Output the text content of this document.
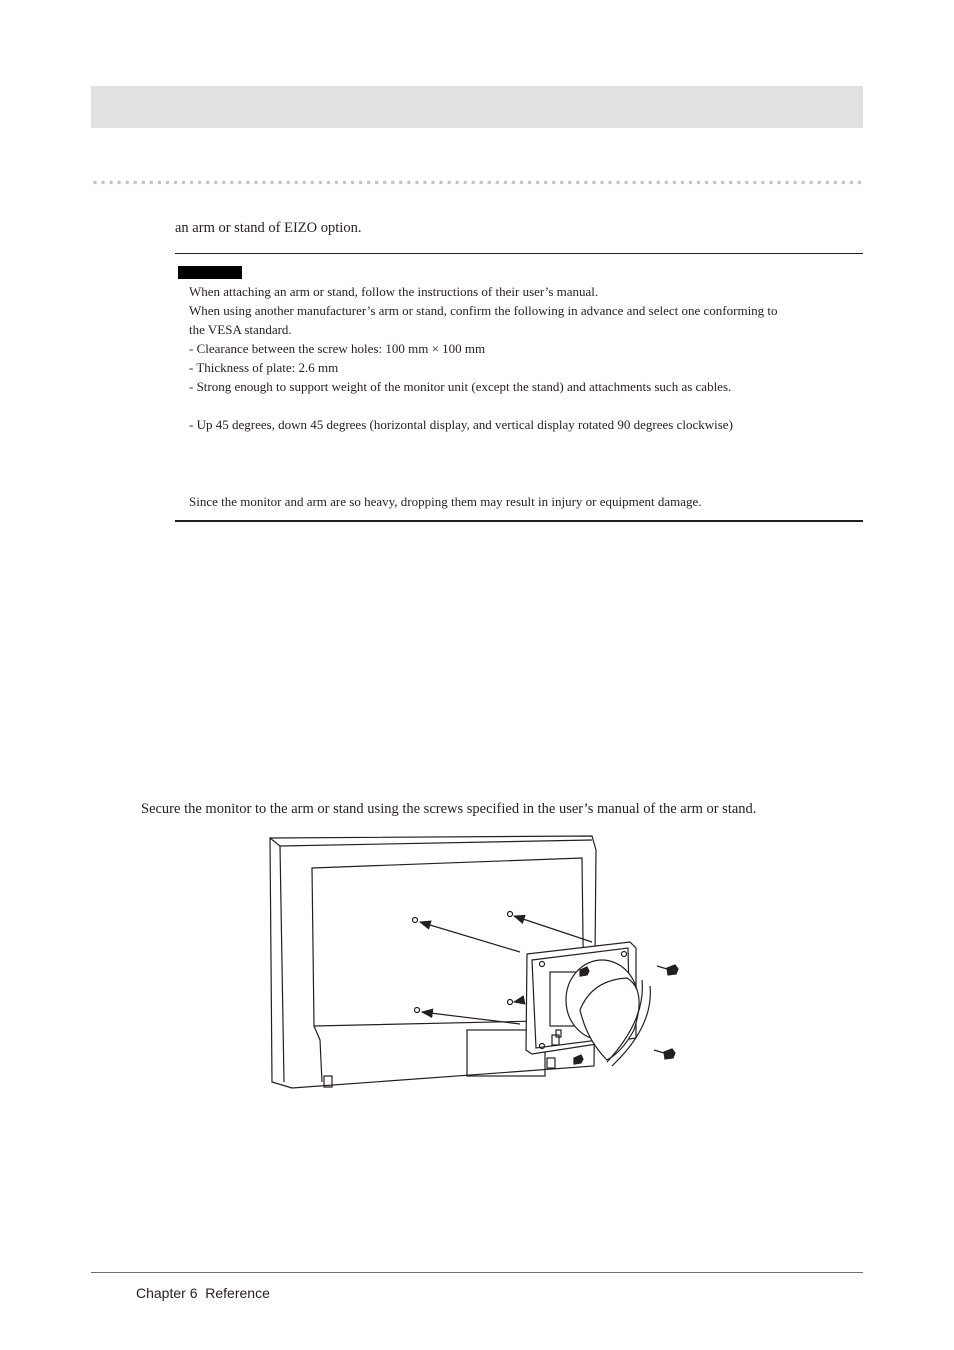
an arm or stand of EIZO option.
When attaching an arm or stand, follow the instructions of their user’s manual.
When using another manufacturer’s arm or stand, confirm the following in advance and select one conforming to
the VESA standard.
- Clearance between the screw holes: 100 mm × 100 mm
- Thickness of plate: 2.6 mm
- Strong enough to support weight of the monitor unit (except the stand) and attachments such as cables.
- Up 45 degrees, down 45 degrees (horizontal display, and vertical display rotated 90 degrees clockwise)
Since the monitor and arm are so heavy, dropping them may result in injury or equipment damage.
Secure the monitor to the arm or stand using the screws specified in the user’s manual of the arm or stand.
Chapter 6  Reference
